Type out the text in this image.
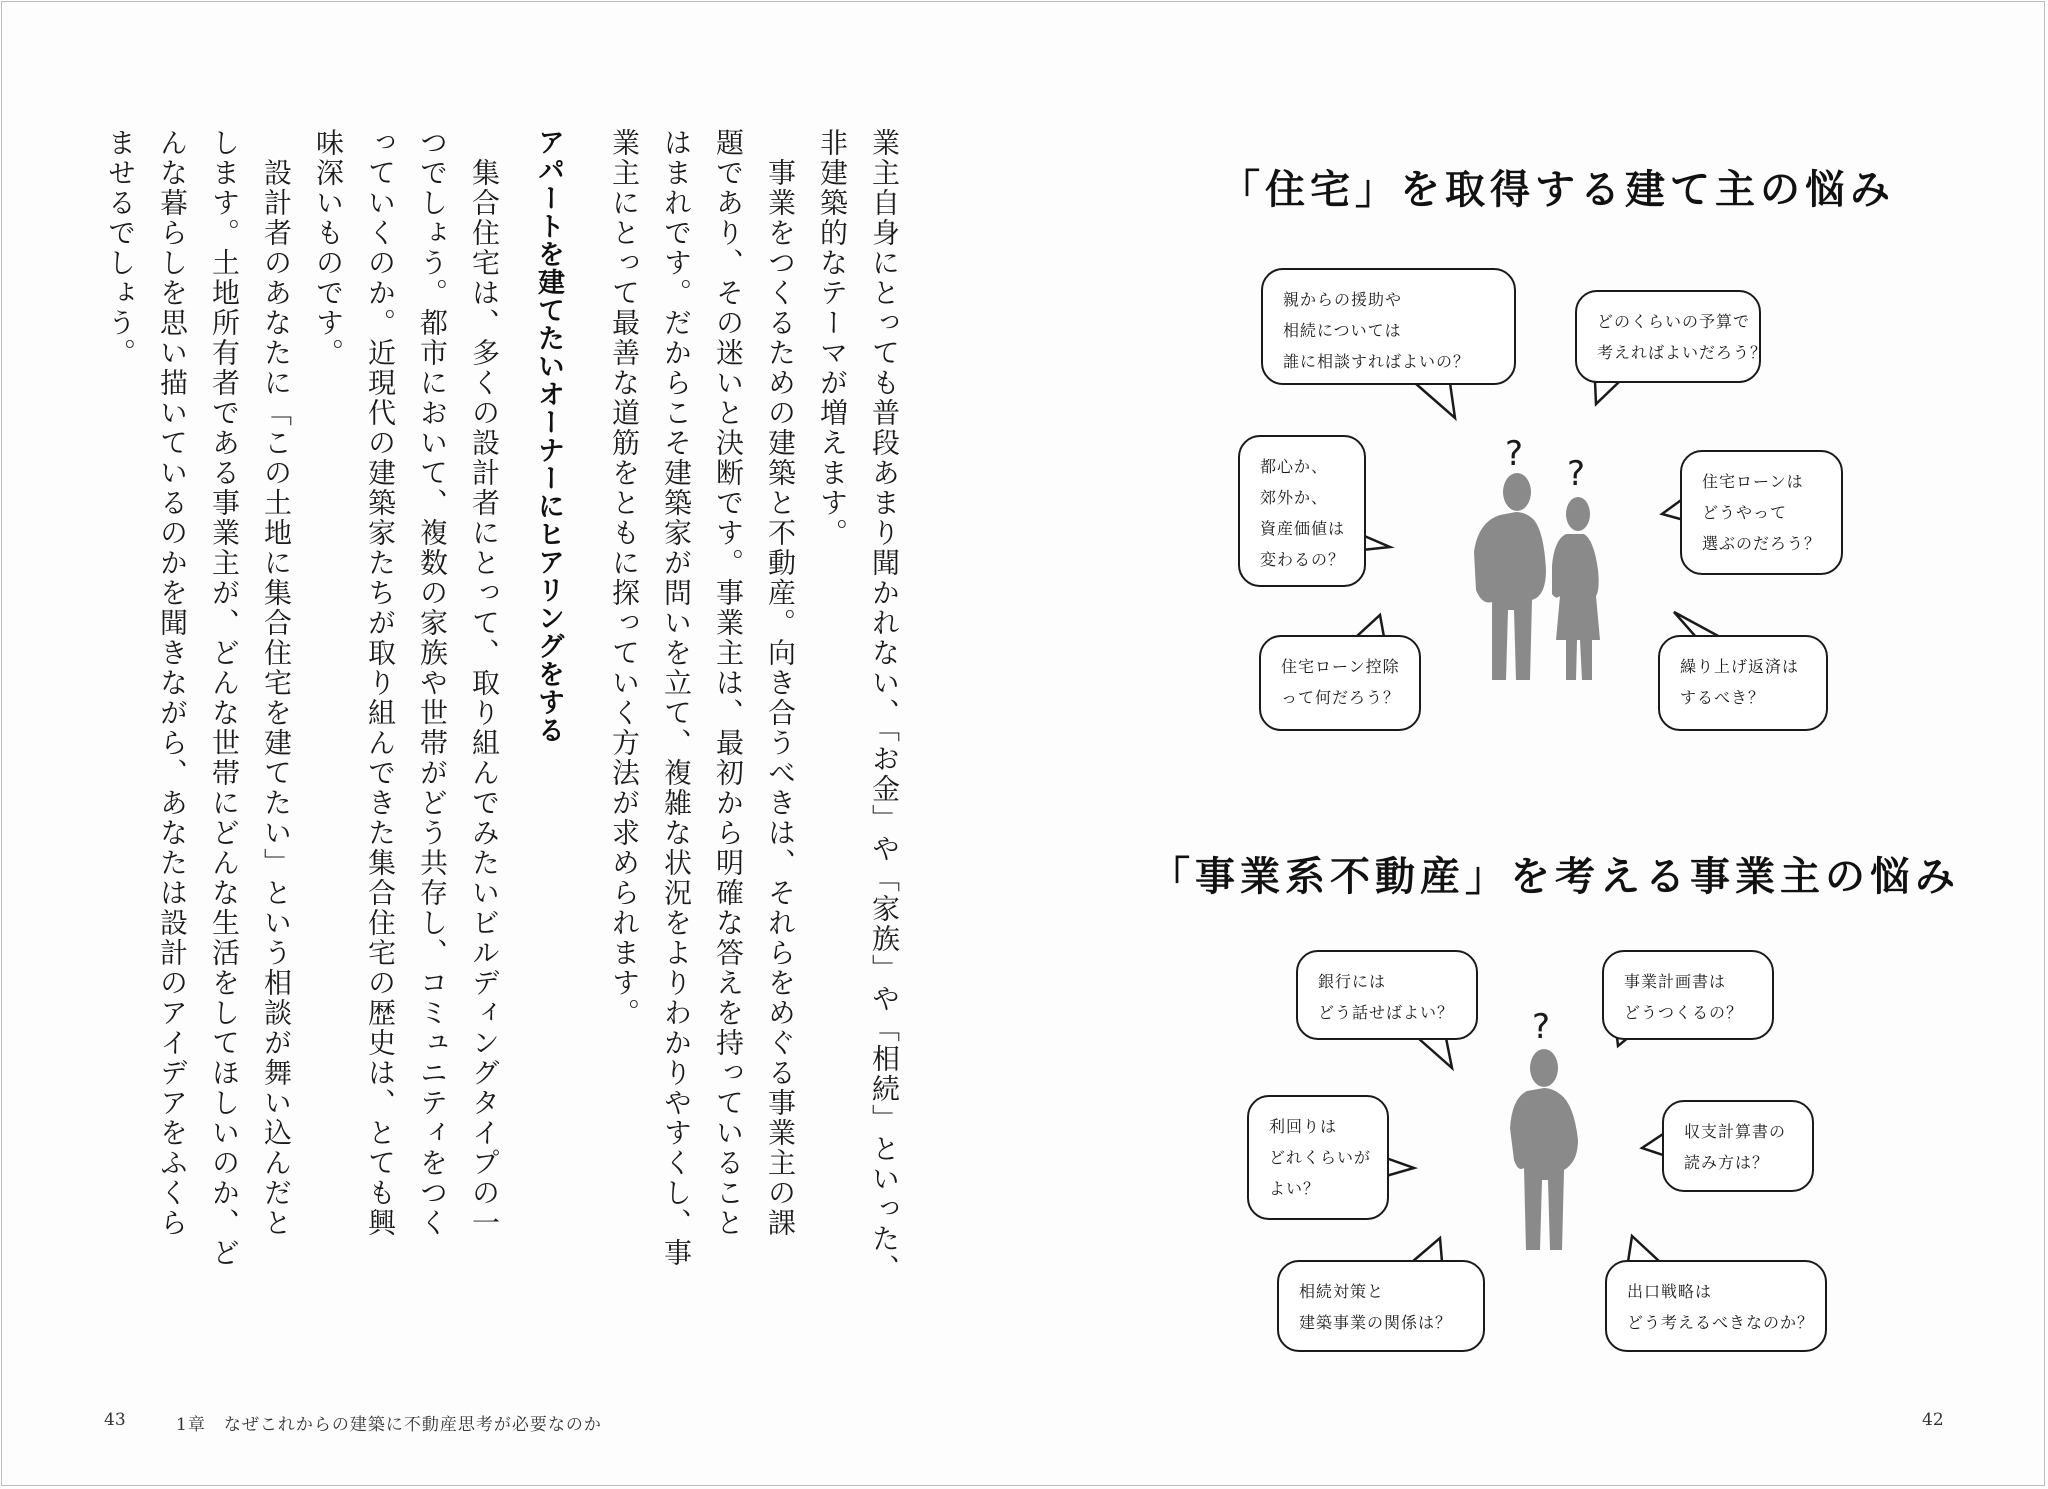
アパートを建てたいオーナーにヒアリングをする	業主自身にとっても普段あまり聞かれない、「お金」や「家族」や「相続」といった、
非建築的なテーマが増えます。
　事業をつくるための建築と不動産。向き合うべきは、それらをめぐる事業主の課
題であり、その迷いと決断です。事業主は、最初から明確な答えを持っていること
はまれです。だからこそ建築家が問いを立て、複雑な状況をよりわかりやすくし、事
業主にとって最善な道筋をともに探っていく方法が求められます。
　集合住宅は、多くの設計者にとって、取り組んでみたいビルディングタイプの一
つでしょう。都市において、複数の家族や世帯がどう共存し、コミュニティをつく
っていくのか。近現代の建築家たちが取り組んできた集合住宅の歴史は、とても興
味深いものです。
　設計者のあなたに「この土地に集合住宅を建てたい」という相談が舞い込んだと
します。土地所有者である事業主が、どんな世帯にどんな生活をしてほしいのか、ど
んな暮らしを思い描いているのかを聞きながら、あなたは設計のアイデアをふくら
ませるでしょう。
43	1章　なぜこれからの建築に不動産思考が必要なのか	42
「住宅」を取得する建て主の悩み
「事業系不動産」を考える事業主の悩み
? ?
?
親からの援助や
相続については
誰に相談すればよいの？
どのくらいの予算で
考えればよいだろう？
都心か、
郊外か、
資産価値は
変わるの？
住宅ローンは
どうやって
選ぶのだろう？
住宅ローン控除
って何だろう？
繰り上げ返済は
するべき？
銀行には
どう話せばよい？
事業計画書は
どうつくるの？
利回りは
どれくらいが
よい？
収支計算書の
読み方は？
相続対策と
建築事業の関係は？
出口戦略は
どう考えるべきなのか？
